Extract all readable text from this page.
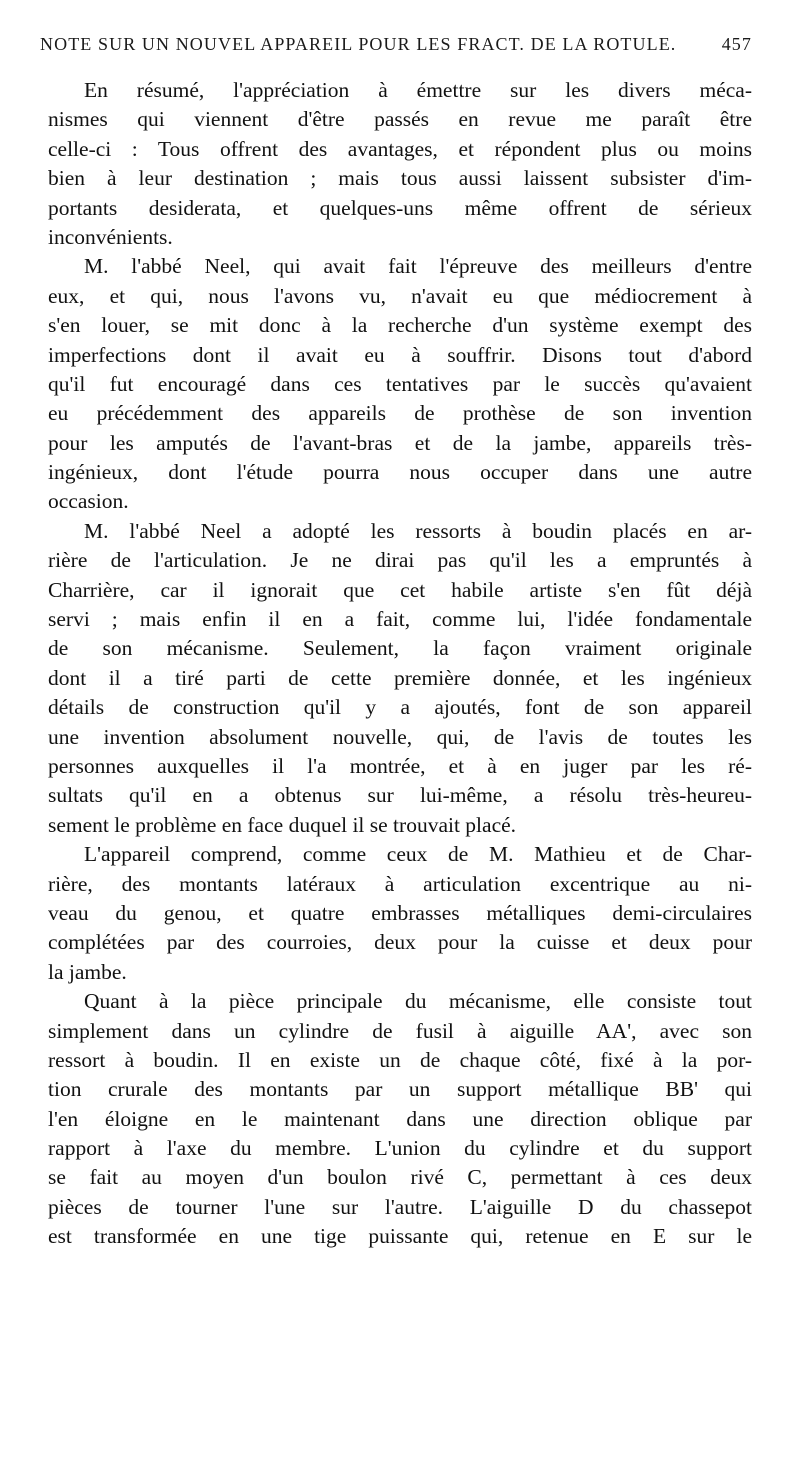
NOTE SUR UN NOUVEL APPAREIL POUR LES FRACT. DE LA ROTULE.	457
En résumé, l'appréciation à émettre sur les divers méca-
nismes qui viennent d'être passés en revue me paraît être
celle-ci : Tous offrent des avantages, et répondent plus ou moins
bien à leur destination ; mais tous aussi laissent subsister d'im-
portants desiderata, et quelques-uns même offrent de sérieux
inconvénients.
M. l'abbé Neel, qui avait fait l'épreuve des meilleurs d'entre
eux, et qui, nous l'avons vu, n'avait eu que médiocrement à
s'en louer, se mit donc à la recherche d'un système exempt des
imperfections dont il avait eu à souffrir. Disons tout d'abord
qu'il fut encouragé dans ces tentatives par le succès qu'avaient
eu précédemment des appareils de prothèse de son invention
pour les amputés de l'avant-bras et de la jambe, appareils très-
ingénieux, dont l'étude pourra nous occuper dans une autre
occasion.
M. l'abbé Neel a adopté les ressorts à boudin placés en ar-
rière de l'articulation. Je ne dirai pas qu'il les a empruntés à
Charrière, car il ignorait que cet habile artiste s'en fût déjà
servi ; mais enfin il en a fait, comme lui, l'idée fondamentale
de son mécanisme. Seulement, la façon vraiment originale
dont il a tiré parti de cette première donnée, et les ingénieux
détails de construction qu'il y a ajoutés, font de son appareil
une invention absolument nouvelle, qui, de l'avis de toutes les
personnes auxquelles il l'a montrée, et à en juger par les ré-
sultats qu'il en a obtenus sur lui-même, a résolu très-heureu-
sement le problème en face duquel il se trouvait placé.
L'appareil comprend, comme ceux de M. Mathieu et de Char-
rière, des montants latéraux à articulation excentrique au ni-
veau du genou, et quatre embrasses métalliques demi-circulaires
complétées par des courroies, deux pour la cuisse et deux pour
la jambe.
Quant à la pièce principale du mécanisme, elle consiste tout
simplement dans un cylindre de fusil à aiguille AA', avec son
ressort à boudin. Il en existe un de chaque côté, fixé à la por-
tion crurale des montants par un support métallique BB' qui
l'en éloigne en le maintenant dans une direction oblique par
rapport à l'axe du membre. L'union du cylindre et du support
se fait au moyen d'un boulon rivé C, permettant à ces deux
pièces de tourner l'une sur l'autre. L'aiguille D du chassepot
est transformée en une tige puissante qui, retenue en E sur le
